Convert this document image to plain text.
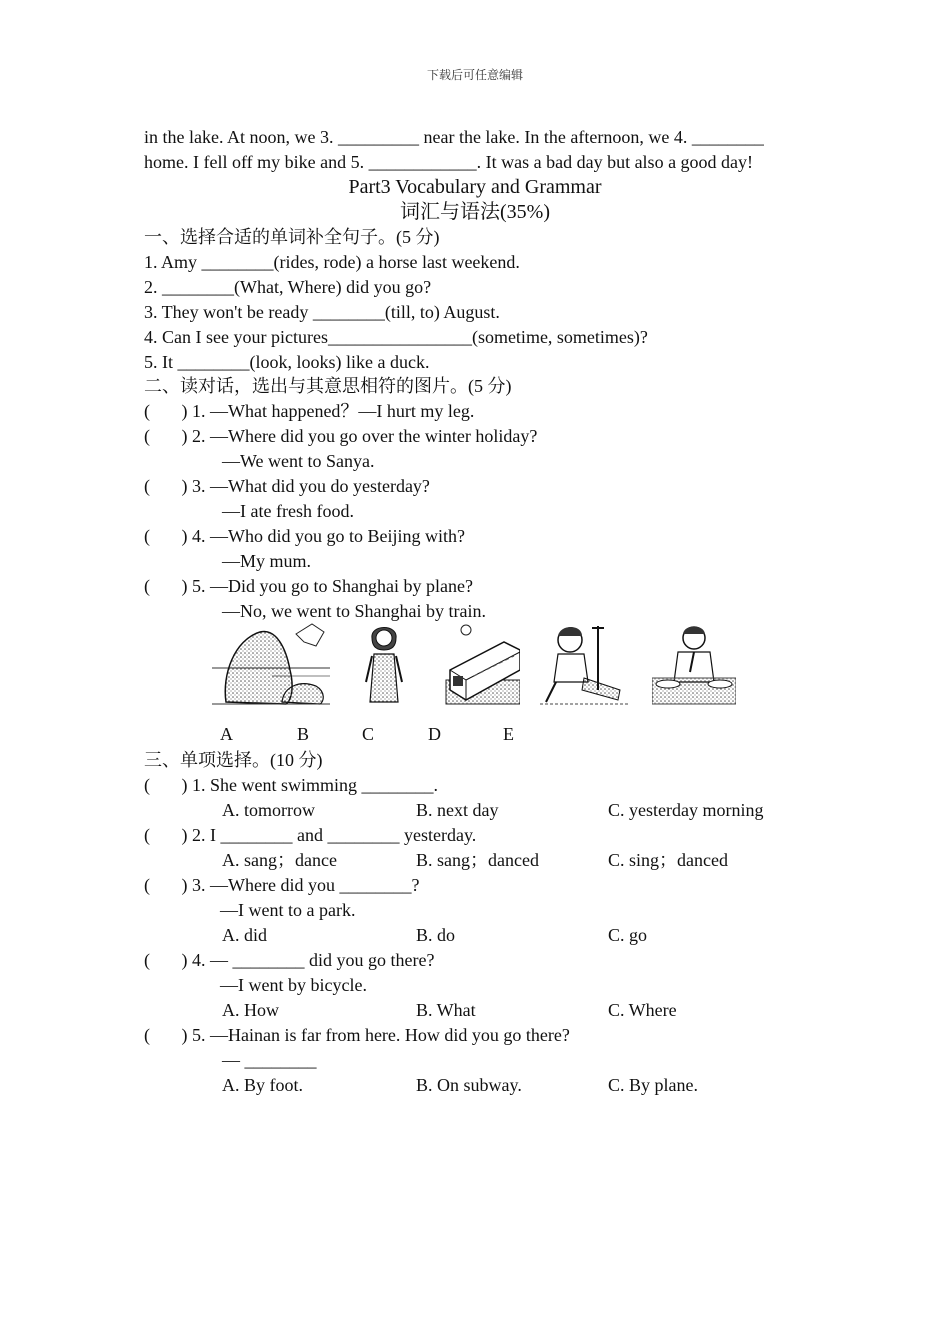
下载后可任意编辑
in the lake. At noon, we 3. _________ near the lake. In the afternoon, we 4. ________
home. I fell off my bike and 5. ____________. It was a bad day but also a good day!
Part3 Vocabulary and Grammar
词汇与语法(35%)
一、选择合适的单词补全句子。(5 分)
1. Amy ________(rides, rode) a horse last weekend.
2. ________(What, Where) did you go?
3. They won't be ready ________(till, to) August.
4. Can I see your pictures________________(sometime, sometimes)?
5. It ________(look, looks) like a duck.
二、读对话，选出与其意思相符的图片。(5 分)
(       ) 1. —What happened？—I hurt my leg.
(       ) 2. —Where did you go over the winter holiday?
—We went to Sanya.
(       ) 3. —What did you do yesterday?
—I ate fresh food.
(       ) 4. —Who did you go to Beijing with?
—My mum.
(       ) 5. —Did you go to Shanghai by plane?
—No, we went to Shanghai by train.
A	B	C	D	E
三、单项选择。(10 分)
(       ) 1. She went swimming ________.
A. tomorrow	B. next day	C. yesterday morning
(       ) 2. I ________ and ________ yesterday.
A. sang；dance	B. sang；danced	C. sing；danced
(       ) 3. —Where did you ________?
—I went to a park.
A. did	B. do	C. go
(       ) 4. — ________ did you go there?
—I went by bicycle.
A. How	B. What	C. Where
(       ) 5. —Hainan is far from here. How did you go there?
— ________
A. By foot.	B. On subway.	C. By plane.
